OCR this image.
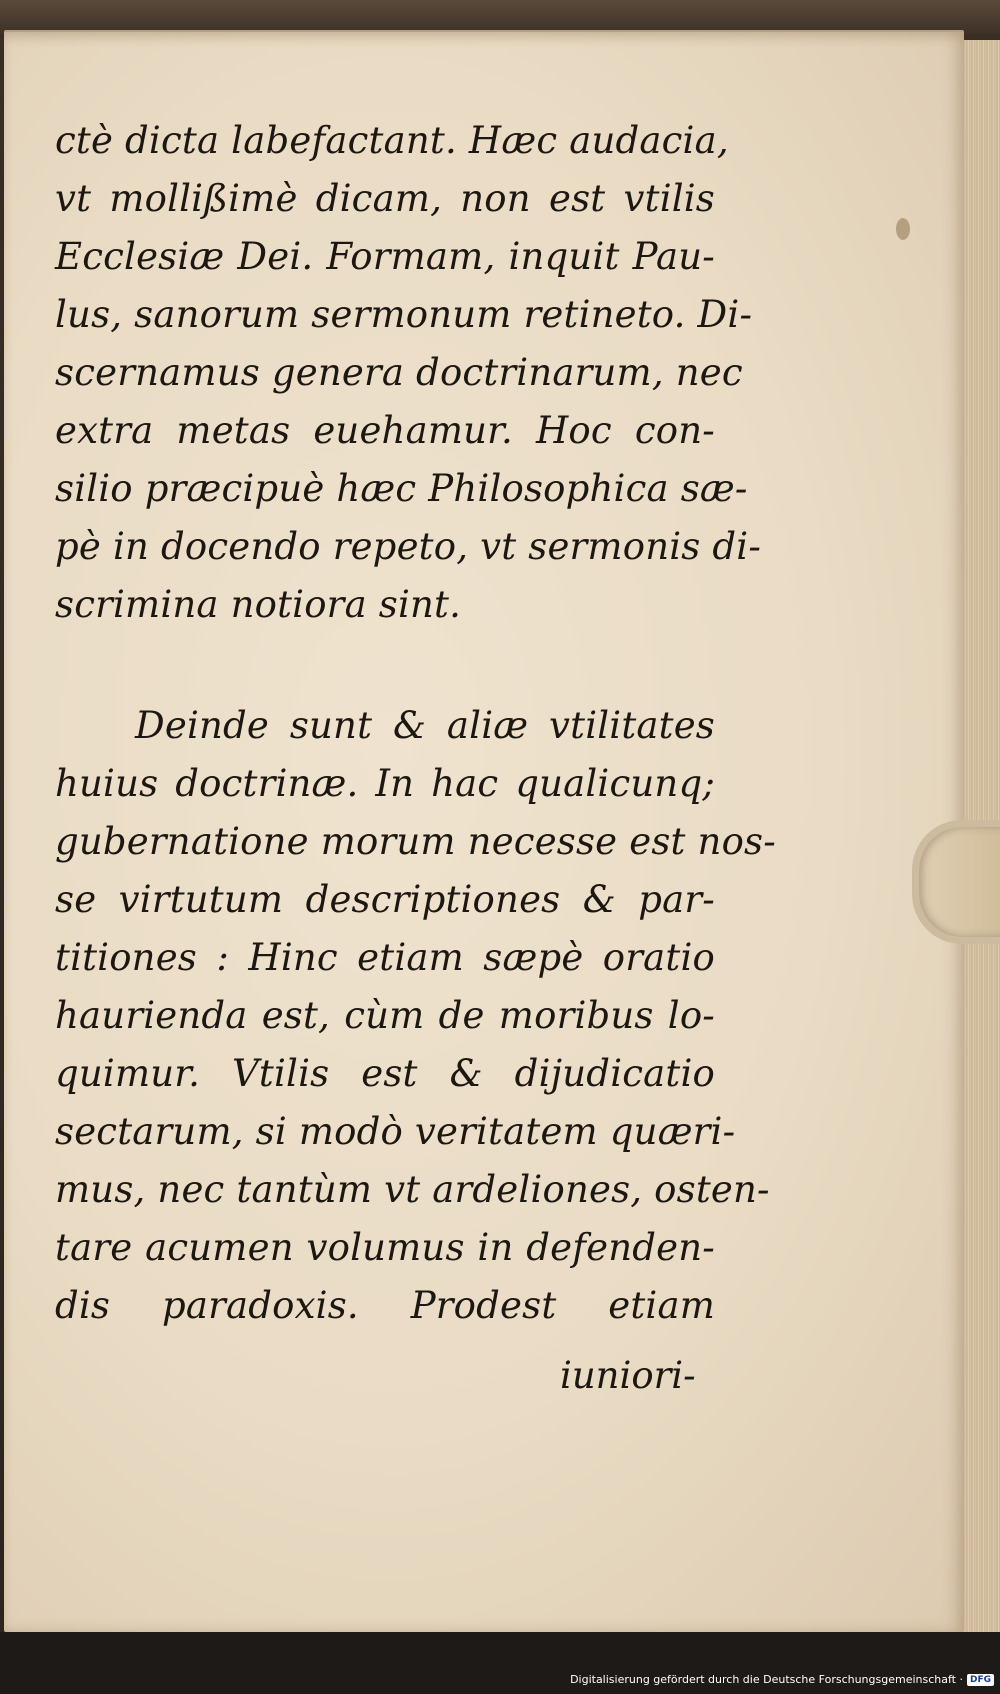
ctè dicta labefactant. Hæc audacia,
vt mollißimè dicam, non est vtilis
Ecclesiæ Dei. Formam, inquit Pau-
lus, sanorum sermonum retineto. Di-
scernamus genera doctrinarum, nec
extra metas euehamur. Hoc con-
silio præcipuè hæc Philosophica sæ-
pè in docendo repeto, vt sermonis di-
scrimina notiora sint.
Deinde sunt & aliæ vtilitates
huius doctrinæ. In hac qualicunq;
gubernatione morum necesse est nos-
se virtutum descriptiones & par-
titiones : Hinc etiam sæpè oratio
haurienda est, cùm de moribus lo-
quimur. Vtilis est & dijudicatio
sectarum, si modò veritatem quæri-
mus, nec tantùm vt ardeliones, osten-
tare acumen volumus in defenden-
dis paradoxis. Prodest etiam
iuniori-
Digitalisierung gefördert durch die Deutsche Forschungsgemeinschaft · DFG
